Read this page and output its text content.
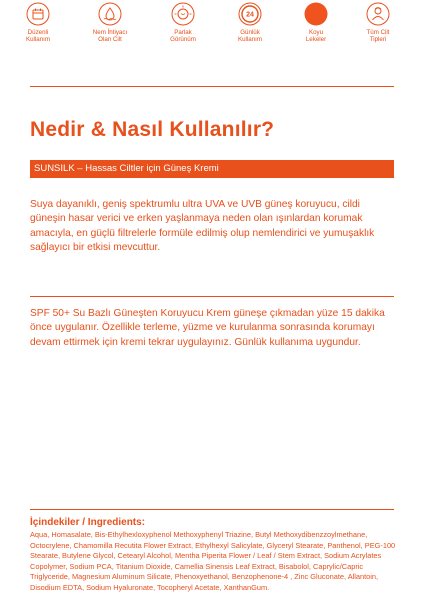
Düzenli
Kullanım
Nem İhtiyacı
Olan Cilt
Parlak
Görünüm
24
Günlük
Kullanım
Koyu
Lekeler
Tüm Cilt
Tipleri
Nedir & Nasıl Kullanılır?
SUNSILK – Hassas Ciltler için Güneş Kremi

Suya dayanıklı, geniş spektrumlu ultra UVA ve UVB güneş koruyucu, cildi güneşin hasar verici ve erken yaşlanmaya neden olan ışınlardan korumak amacıyla, en güçlü filtrelerle formüle edilmiş olup nemlendirici ve yumuşaklık sağlayıcı bir etkisi mevcuttur.

SPF 50+ Su Bazlı Güneşten Koruyucu Krem güneşe çıkmadan yüze 15 dakika önce uygulanır. Özellikle terleme, yüzme ve kurulanma sonrasında korumayı devam ettirmek için kremi tekrar uygulayınız. Günlük kullanıma uygundur.

İçindekiler / Ingredients:

Aqua, Homasalate, Bis-Ethylhexloxyphenol Methoxyphenyl Triazine, Butyl Methoxydibenzzoylmethane, Octocrylene, Chamomilla Recutita Flower Extract, Ethylhexyl Salicylate, Glyceryl Stearate, Panthenol, PEG-100 Stearate, Butylene Glycol, Cetearyl Alcohol, Mentha Piperita Flower / Leaf / Stem Extract, Sodium Acrylates Copolymer, Sodium PCA, Titanium Dioxide, Camellia Sinensis Leaf Extract, Bisabolol, Caprylic/Capric Triglyceride, Magnesium Aluminum Silicate, Phenoxyethanol, Benzophenone-4 , Zinc Gluconate, Allantoin, Disodium EDTA, Sodium Hyaluronate, Tocopheryl Acetate, XanthanGum.
